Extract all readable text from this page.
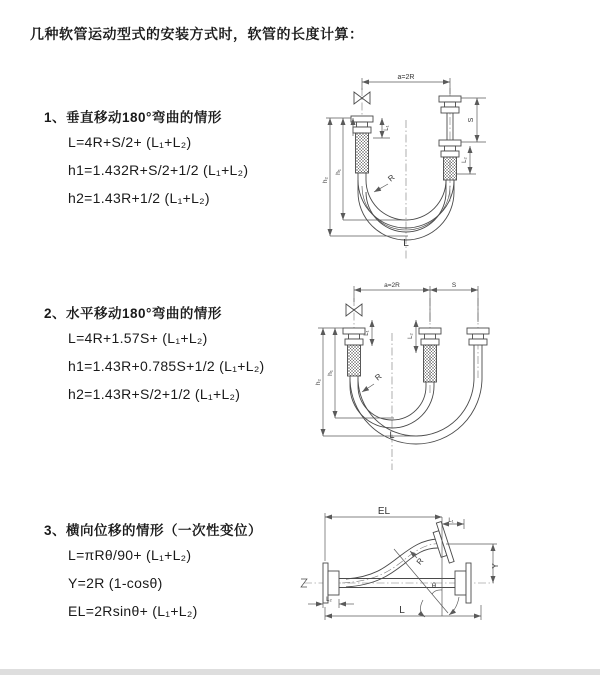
几种软管运动型式的安装方式时，软管的长度计算：
1、垂直移动180°弯曲的情形
L=4R+S/2+ (L₁+L₂)
h1=1.432R+S/2+1/2 (L₁+L₂)
h2=1.43R+1/2 (L₁+L₂)
2、水平移动180°弯曲的情形
L=4R+1.57S+ (L₁+L₂)
h1=1.43R+0.785S+1/2 (L₁+L₂)
h2=1.43R+S/2+1/2 (L₁+L₂)
3、横向位移的情形（一次性变位）
L=πRθ/90+ (L₁+L₂)
Y=2R (1-cosθ)
EL=2Rsinθ+ (L₁+L₂)
a=2R
L₁
S
L₂
h₁
h₂	R
L
a=2R	S
L₁
L₂
h₁
h₂	R
L
EL
L₁
Y
R
θ
L
L₂
